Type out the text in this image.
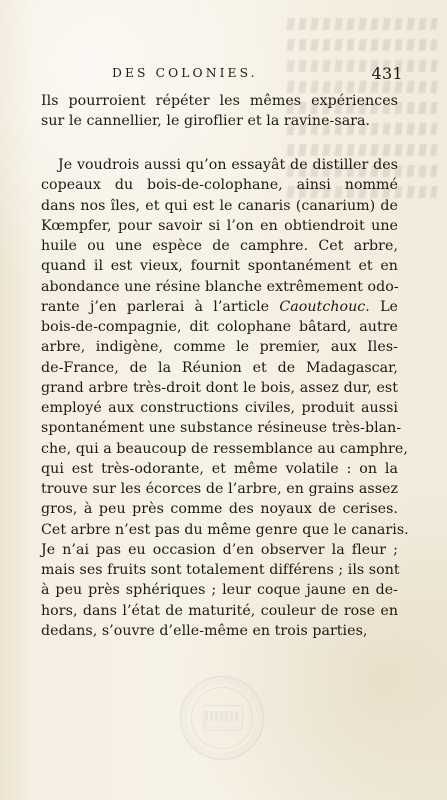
DES COLONIES.	431
Ils pourroient répéter les mêmes expériences
sur le cannellier, le giroflier et la ravine-sara.
Je voudrois aussi qu’on essayât de distiller des
copeaux du bois-de-colophane, ainsi nommé
dans nos îles, et qui est le canaris (canarium) de
Kœmpfer, pour savoir si l’on en obtiendroit une
huile ou une espèce de camphre. Cet arbre,
quand il est vieux, fournit spontanément et en
abondance une résine blanche extrêmement odo-
rante j’en parlerai à l’article Caoutchouc. Le
bois-de-compagnie, dit colophane bâtard, autre
arbre, indigène, comme le premier, aux Iles-
de-France, de la Réunion et de Madagascar,
grand arbre très-droit dont le bois, assez dur, est
employé aux constructions civiles, produit aussi
spontanément une substance résineuse très-blan-
che, qui a beaucoup de ressemblance au camphre,
qui est très-odorante, et même volatile : on la
trouve sur les écorces de l’arbre, en grains assez
gros, à peu près comme des noyaux de cerises.
Cet arbre n’est pas du même genre que le canaris.
Je n’ai pas eu occasion d’en observer la fleur ;
mais ses fruits sont totalement différens ; ils sont
à peu près sphériques ; leur coque jaune en de-
hors, dans l’état de maturité, couleur de rose en
dedans, s’ouvre d’elle-même en trois parties,
